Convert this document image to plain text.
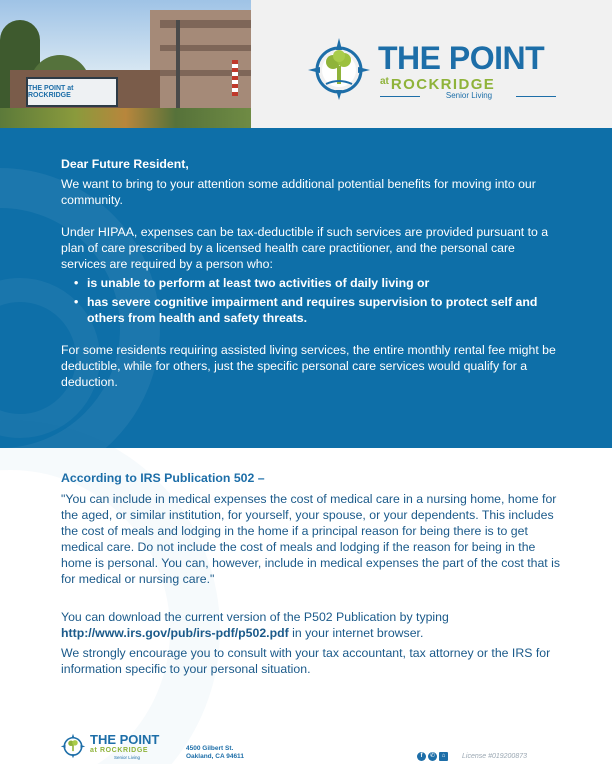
THE POINT at ROCKRIDGE
THE POINT
at ROCKRIDGE
Senior Living

Dear Future Resident,

We want to bring to your attention some additional potential benefits for moving into our community.

Under HIPAA, expenses can be tax-deductible if such services are provided pursuant to a plan of care prescribed by a licensed health care practitioner, and the personal care services are required by a person who:

• is unable to perform at least two activities of daily living or
• has severe cognitive impairment and requires supervision to protect self and others from health and safety threats.

For some residents requiring assisted living services, the entire monthly rental fee might be deductible, while for others, just the specific personal care services would qualify for a deduction.

According to IRS Publication 502 –

"You can include in medical expenses the cost of medical care in a nursing home, home for the aged, or similar institution, for yourself, your spouse, or your dependents. This includes the cost of meals and lodging in the home if a principal reason for being there is to get medical care. Do not include the cost of meals and lodging if the reason for being in the home is personal. You can, however, include in medical expenses the part of the cost that is for medical or nursing care."

You can download the current version of the P502 Publication by typing http://www.irs.gov/pub/irs-pdf/p502.pdf in your internet browser.

We strongly encourage you to consult with your tax accountant, tax attorney or the IRS for information specific to your personal situation.

THE POINT
at ROCKRIDGE
Senior Living
4500 Gilbert St.
Oakland, CA 94611	f	✆	⌂	License #019200873
